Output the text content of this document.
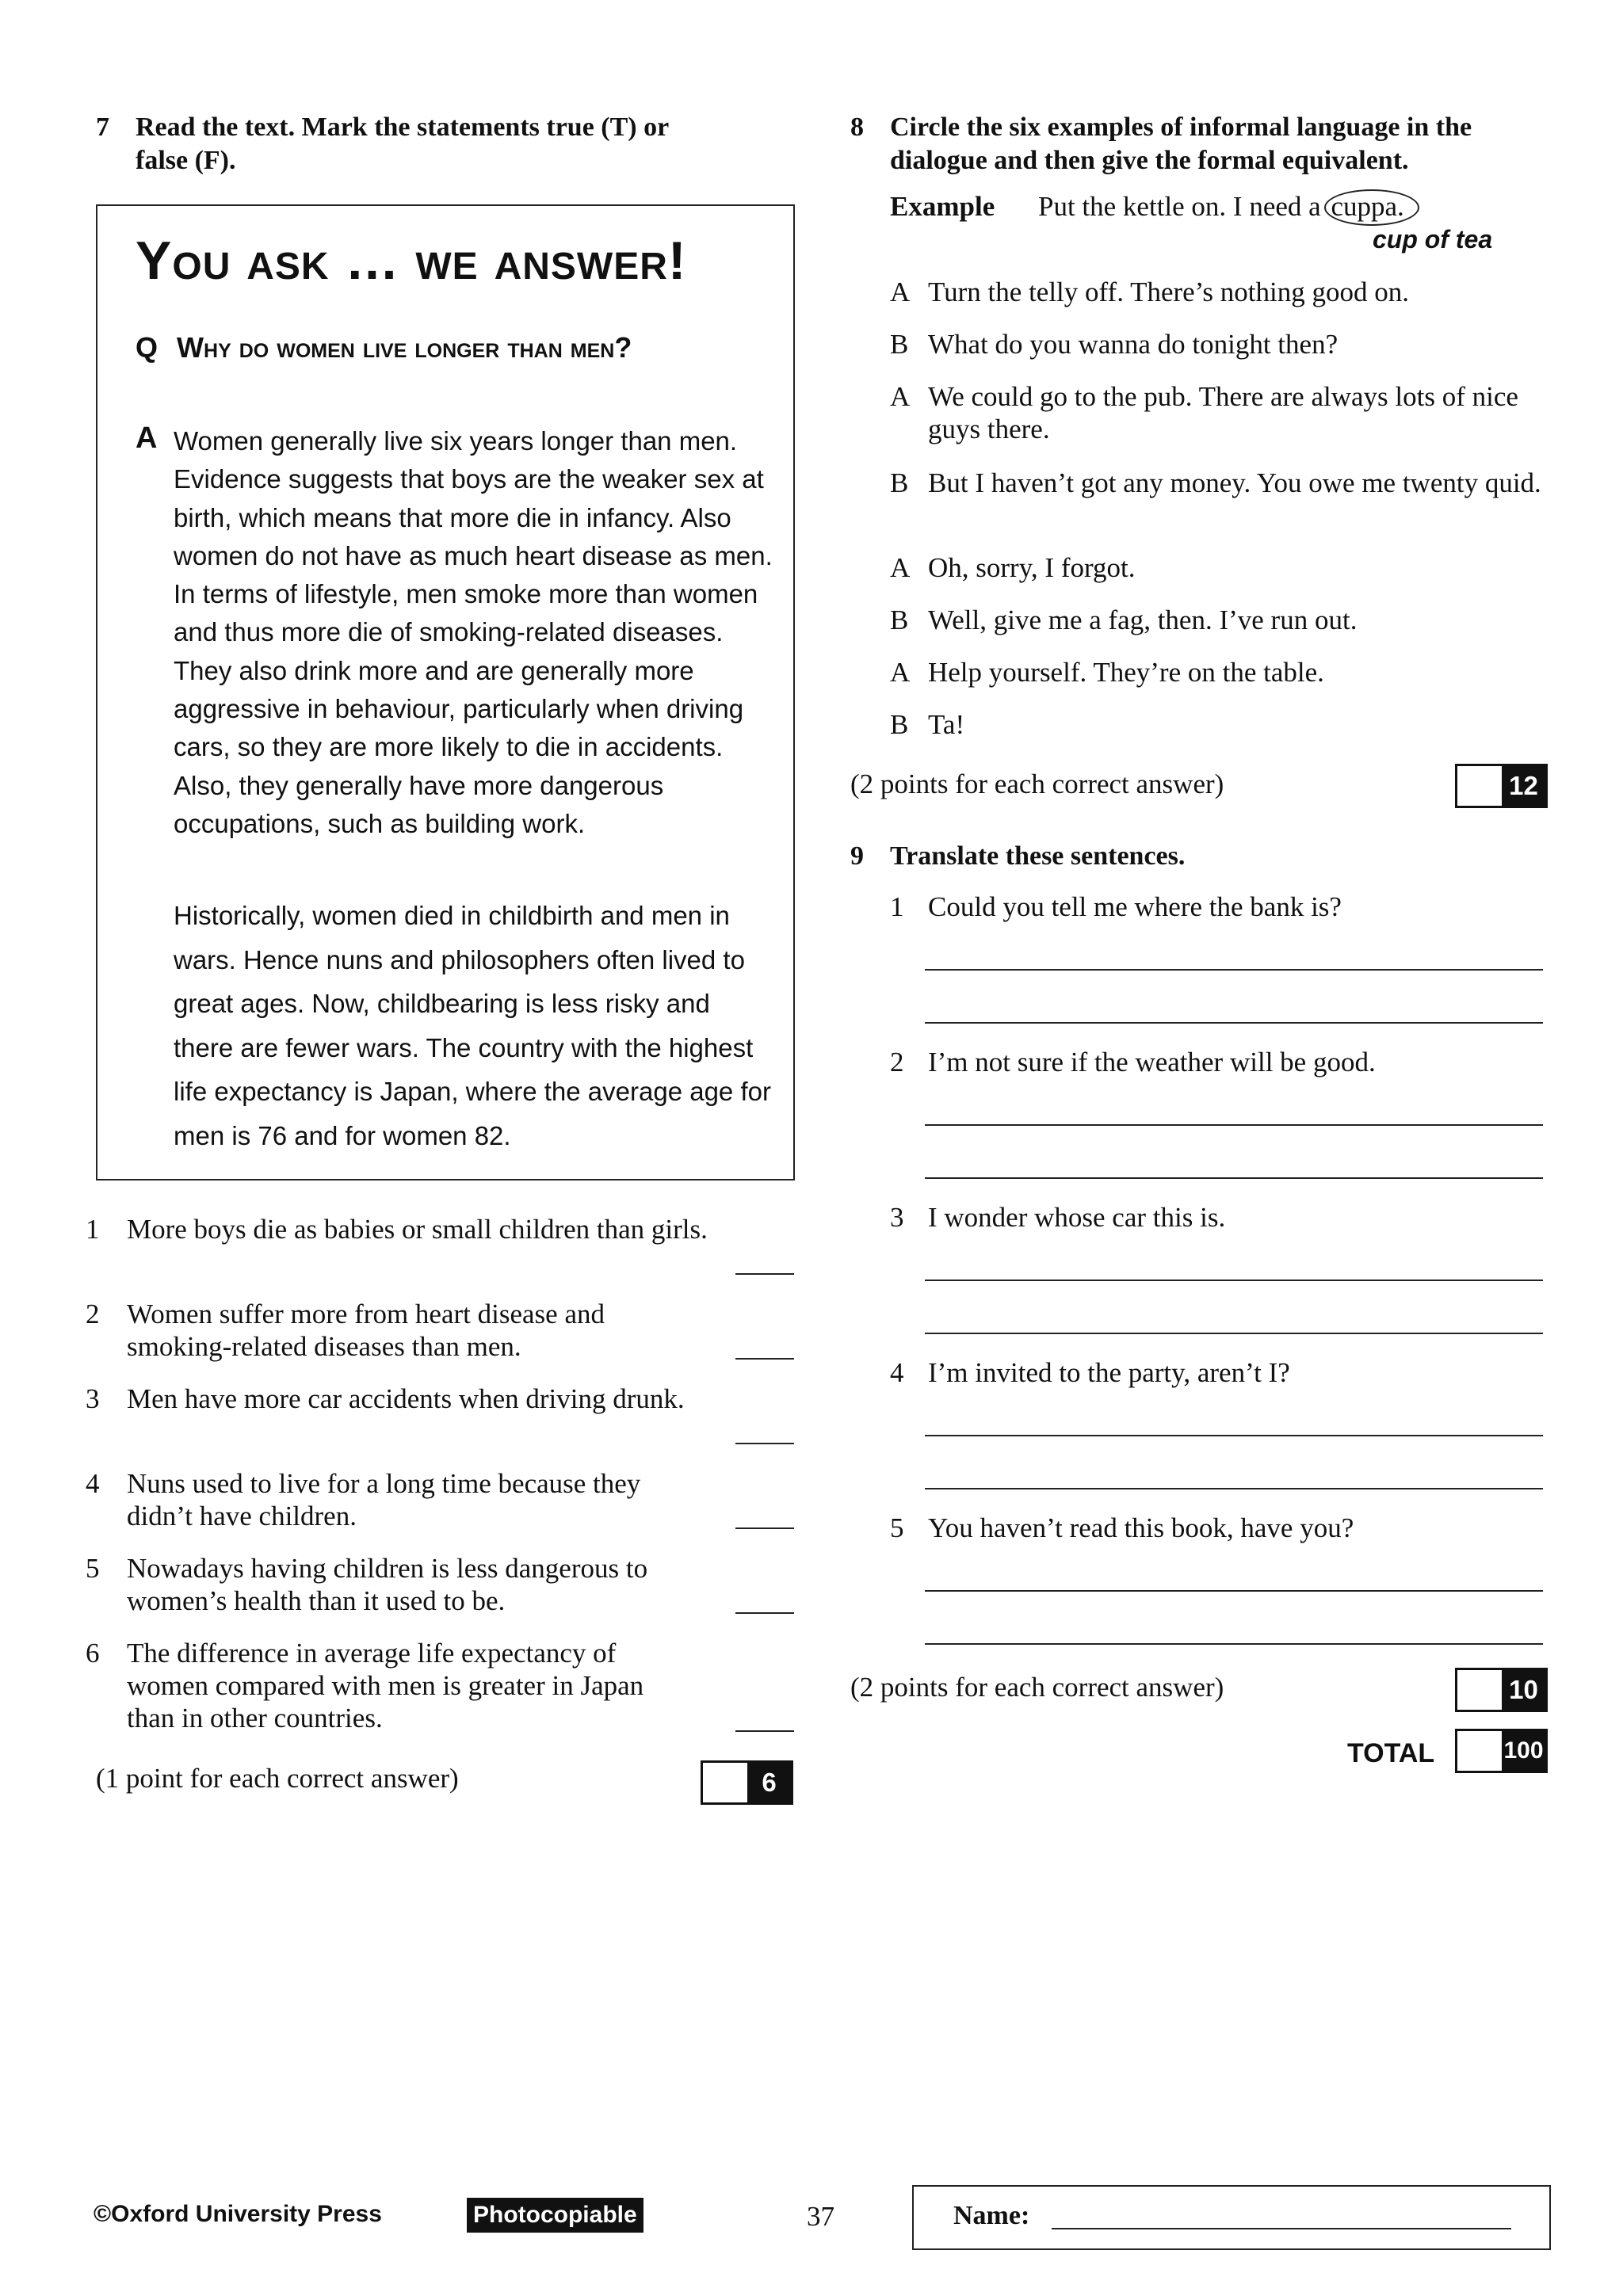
7 Read the text. Mark the statements true (T) or
false (F).
You ask … we answer!
Q Why do women live longer than men?
A Women generally live six years longer than men. Evidence suggests that boys are the weaker sex at birth, which means that more die in infancy. Also women do not have as much heart disease as men. In terms of lifestyle, men smoke more than women and thus more die of smoking-related diseases. They also drink more and are generally more aggressive in behaviour, particularly when driving cars, so they are more likely to die in accidents. Also, they generally have more dangerous occupations, such as building work.
Historically, women died in childbirth and men in wars. Hence nuns and philosophers often lived to great ages. Now, childbearing is less risky and there are fewer wars. The country with the highest life expectancy is Japan, where the average age for men is 76 and for women 82.
1 More boys die as babies or small children than girls.
2 Women suffer more from heart disease and smoking-related diseases than men.
3 Men have more car accidents when driving drunk.
4 Nuns used to live for a long time because they didn’t have children.
5 Nowadays having children is less dangerous to women’s health than it used to be.
6 The difference in average life expectancy of women compared with men is greater in Japan than in other countries.
(1 point for each correct answer)	6
8 Circle the six examples of informal language in the
dialogue and then give the formal equivalent.
Example Put the kettle on. I need a cuppa
.
cup of tea
A Turn the telly off. There’s nothing good on.
B What do you wanna do tonight then?
A We could go to the pub. There are always lots of nice guys there.
B But I haven’t got any money. You owe me twenty quid.
A Oh, sorry, I forgot.
B Well, give me a fag, then. I’ve run out.
A Help yourself. They’re on the table.
B Ta!
(2 points for each correct answer)	12
9 Translate these sentences.
1 Could you tell me where the bank is?
2 I’m not sure if the weather will be good.
3 I wonder whose car this is.
4 I’m invited to the party, aren’t I?
5 You haven’t read this book, have you?
(2 points for each correct answer)	10
TOTAL	100
©Oxford University Press	Photocopiable	37	Name:
